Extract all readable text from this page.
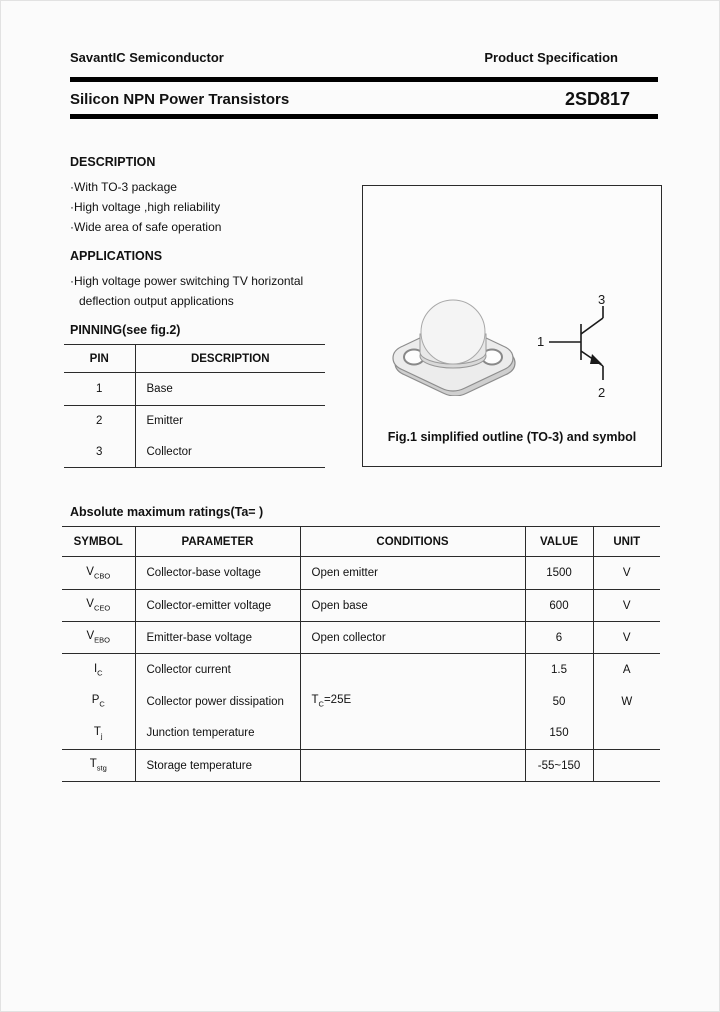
SavantIC Semiconductor	Product Specification
Silicon NPN Power Transistors	2SD817
DESCRIPTION
·With TO-3 package
·High voltage ,high reliability
·Wide area of safe operation
APPLICATIONS
·High voltage power switching TV horizontal
deflection output applications
1
3
2
Fig.1 simplified outline (TO-3) and symbol
PINNING(see fig.2)
PIN	DESCRIPTION
1	Base
2	Emitter
3	Collector
Absolute maximum ratings(Ta= )
SYMBOL	PARAMETER	CONDITIONS	VALUE	UNIT
$V_{CBO}$	Collector-base voltage	Open emitter	1500	V
$V_{CEO}$	Collector-emitter voltage	Open base	600	V
$V_{EBO}$	Emitter-base voltage	Open collector	6	V
$I_C$	Collector current	$T_C=25E$	1.5	A
$P_C$	Collector power dissipation		50	W
$T_j$	Junction temperature		150	
$T_{stg}$	Storage temperature		-55~150	
